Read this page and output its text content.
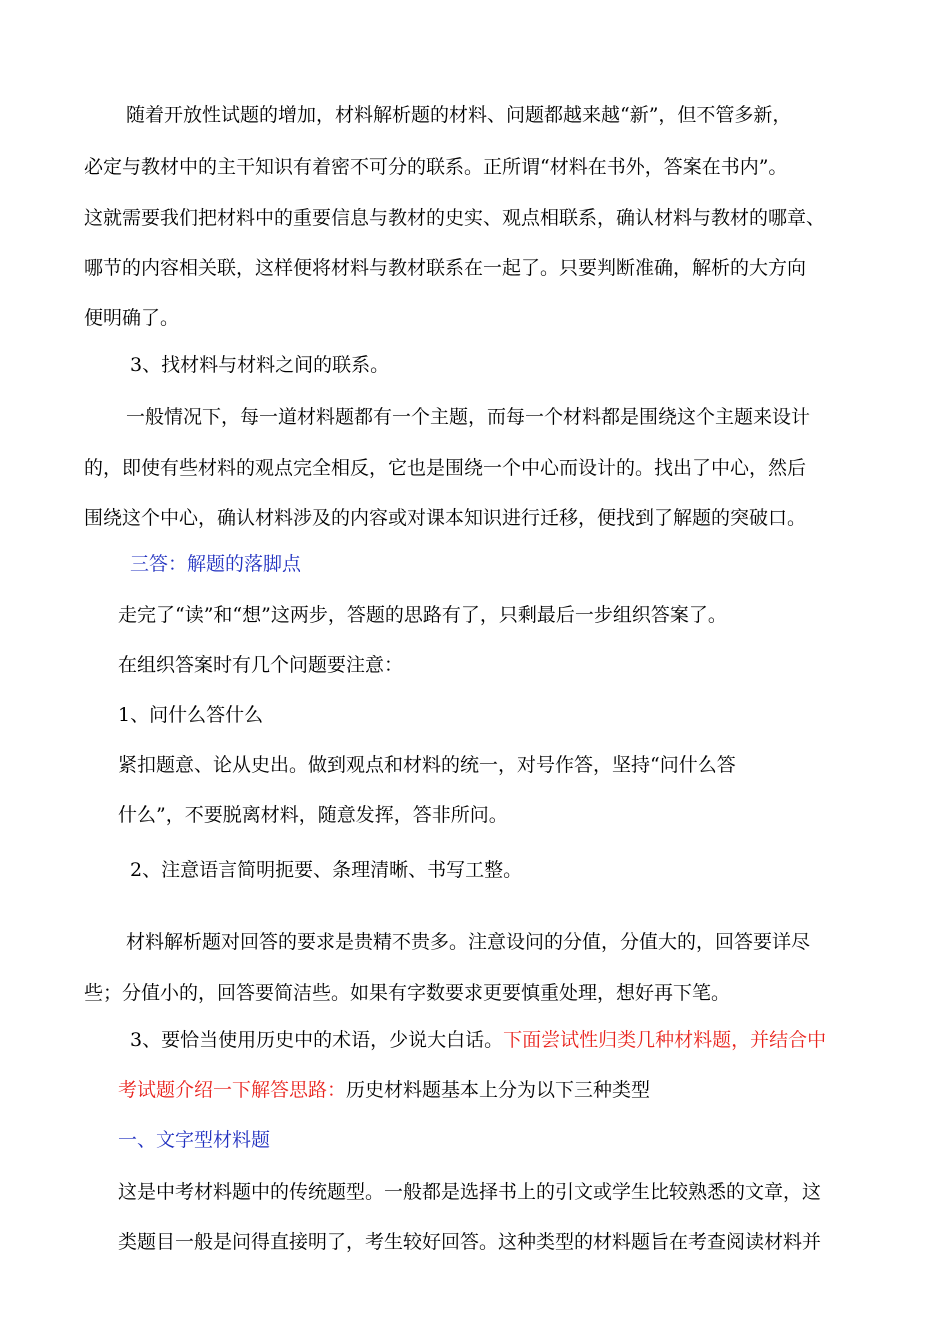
随着开放性试题的增加，材料解析题的材料、问题都越来越“新”，但不管多新，
必定与教材中的主干知识有着密不可分的联系。正所谓“材料在书外，答案在书内”。
这就需要我们把材料中的重要信息与教材的史实、观点相联系，确认材料与教材的哪章、
哪节的内容相关联，这样便将材料与教材联系在一起了。只要判断准确，解析的大方向
便明确了。
3、找材料与材料之间的联系。
一般情况下，每一道材料题都有一个主题，而每一个材料都是围绕这个主题来设计
的，即使有些材料的观点完全相反，它也是围绕一个中心而设计的。找出了中心，然后
围绕这个中心，确认材料涉及的内容或对课本知识进行迁移，便找到了解题的突破口。
三答：解题的落脚点
走完了“读”和“想”这两步，答题的思路有了，只剩最后一步组织答案了。
在组织答案时有几个问题要注意：
1、问什么答什么
紧扣题意、论从史出。做到观点和材料的统一，对号作答，坚持“问什么答
什么”，不要脱离材料，随意发挥，答非所问。
2、注意语言简明扼要、条理清晰、书写工整。
材料解析题对回答的要求是贵精不贵多。注意设问的分值，分值大的，回答要详尽
些；分值小的，回答要简洁些。如果有字数要求更要慎重处理，想好再下笔。
3、要恰当使用历史中的术语，少说大白话。下面尝试性归类几种材料题，并结合中
考试题介绍一下解答思路：历史材料题基本上分为以下三种类型
一、文字型材料题
这是中考材料题中的传统题型。一般都是选择书上的引文或学生比较熟悉的文章，这
类题目一般是问得直接明了，考生较好回答。这种类型的材料题旨在考查阅读材料并
